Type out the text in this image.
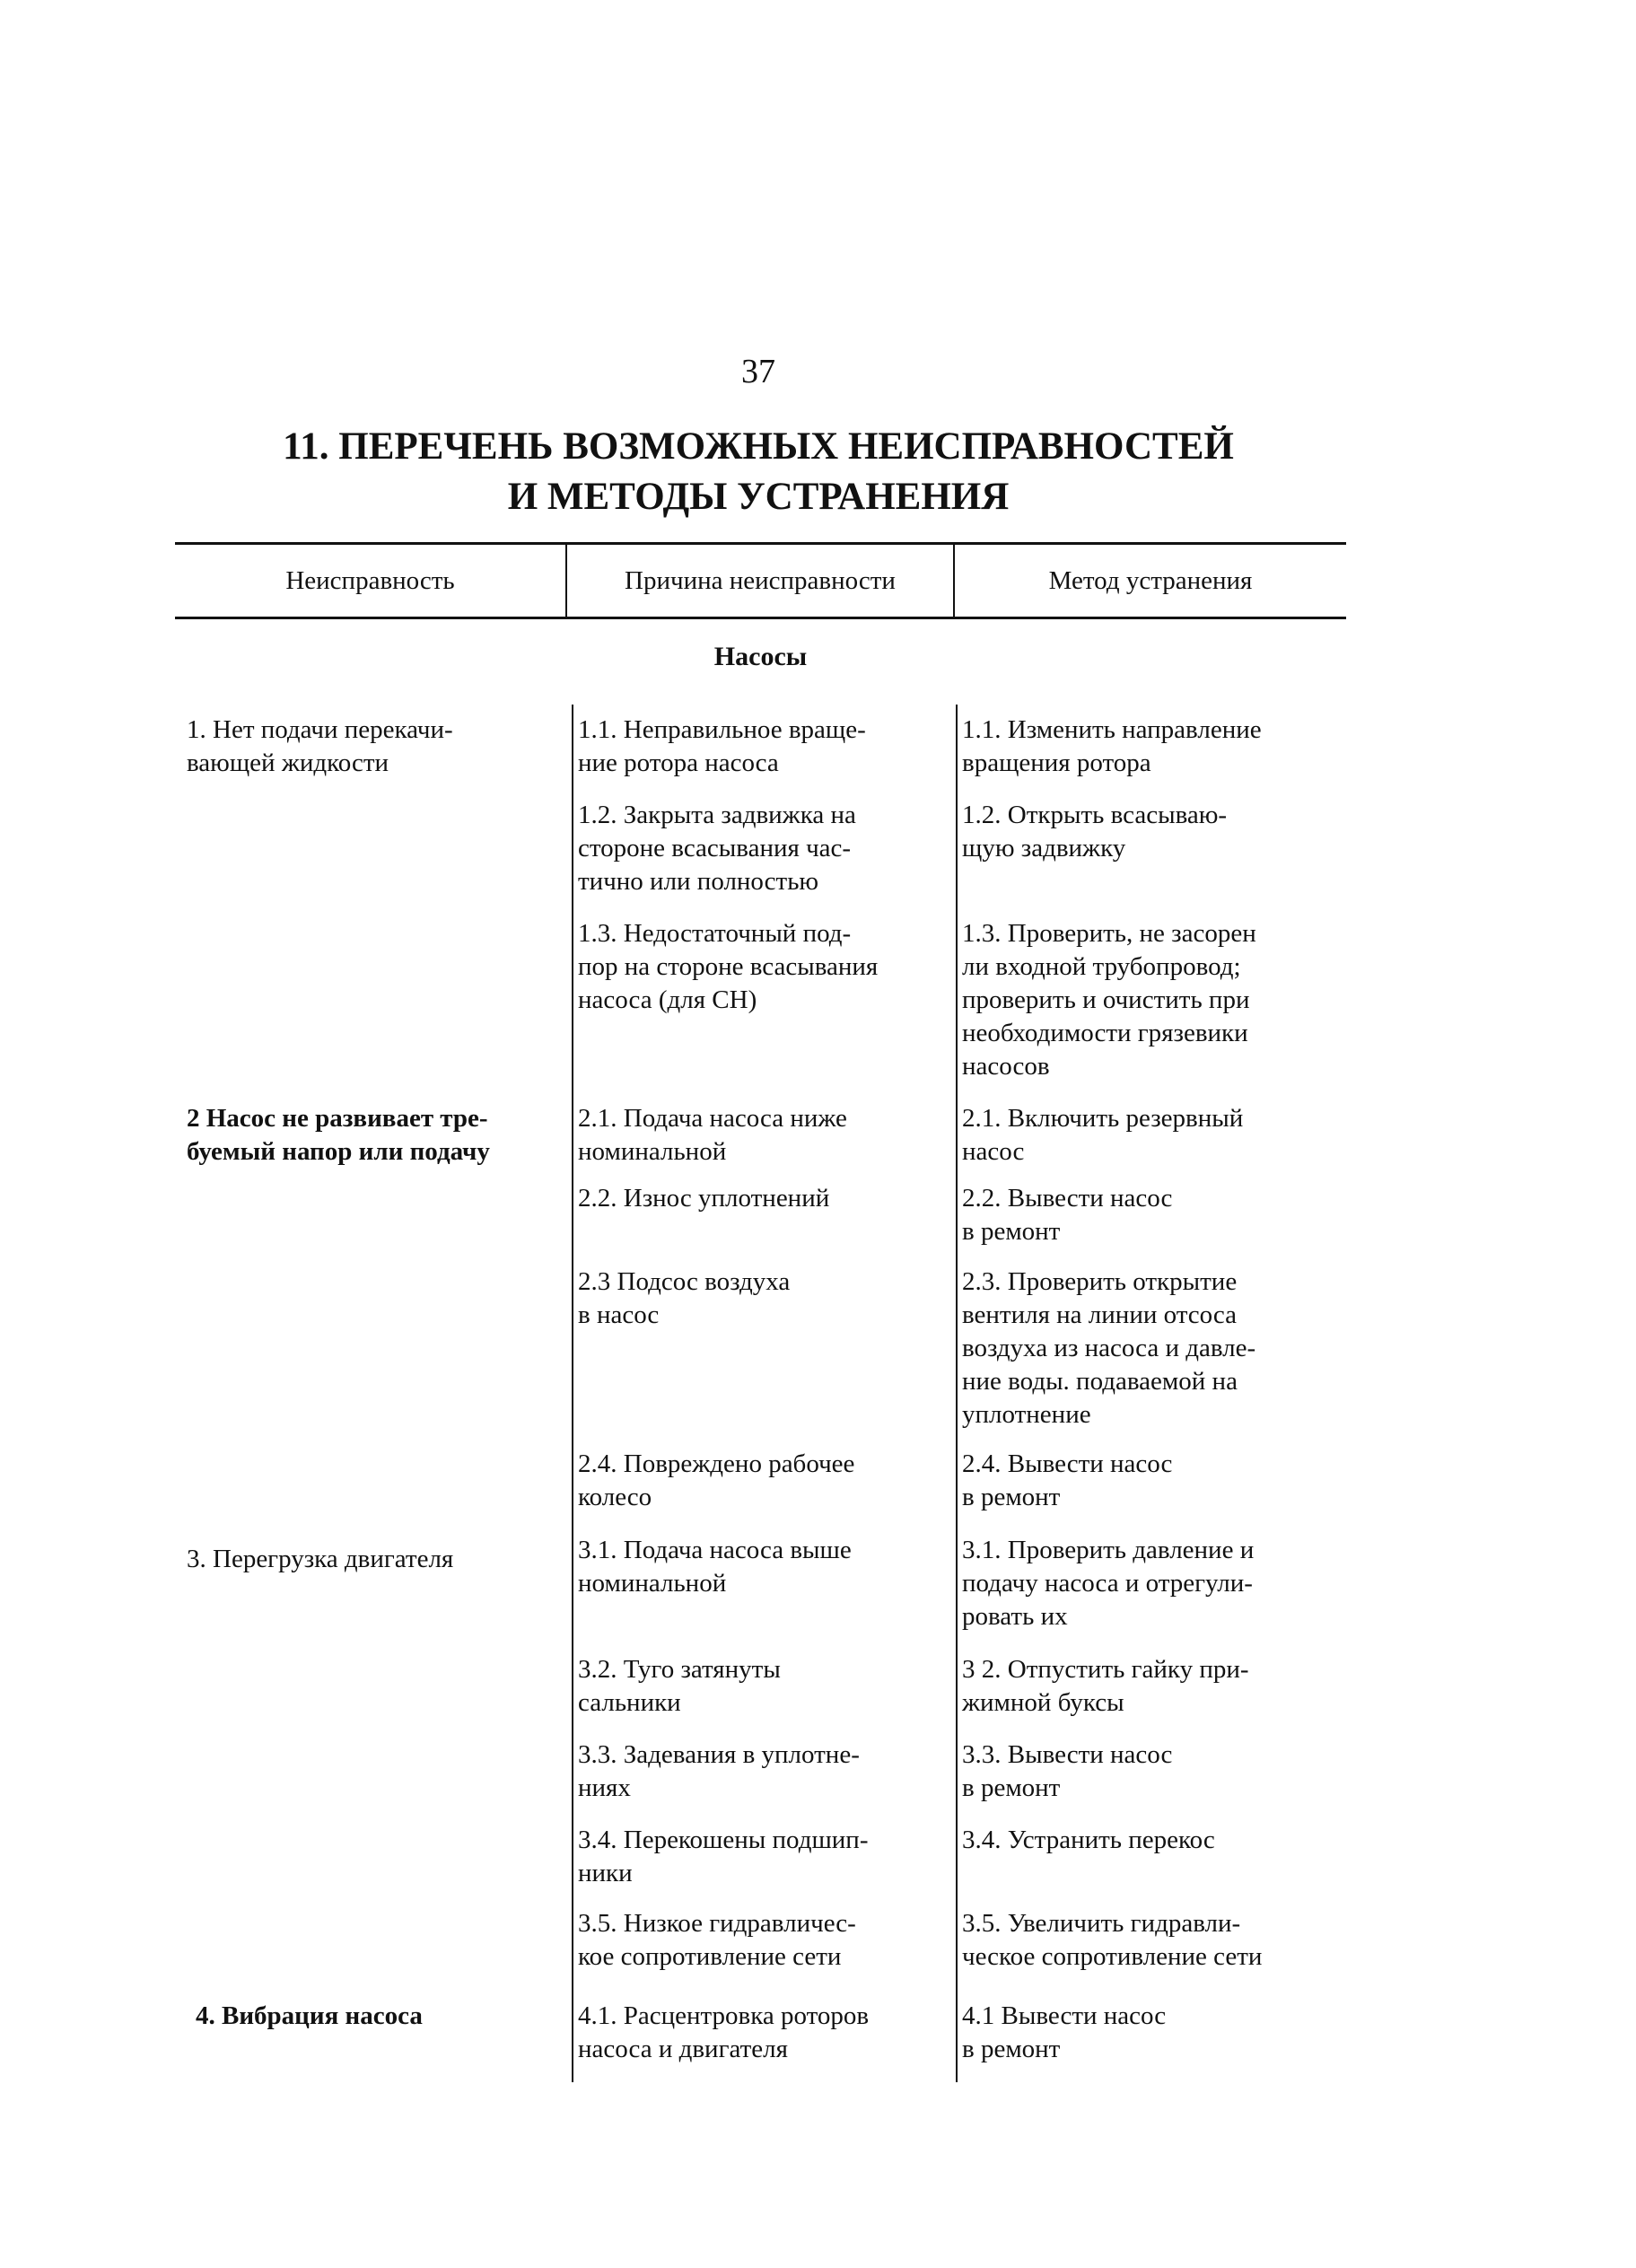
37
11. ПЕРЕЧЕНЬ ВОЗМОЖНЫХ НЕИСПРАВНОСТЕЙ
И МЕТОДЫ УСТРАНЕНИЯ
Неисправность	Причина неисправности	Метод устранения
Насосы
1. Нет подачи перекачи-
вающей жидкости
2 Насос не развивает тре-
буемый напор или подачу
3. Перегрузка двигателя
4. Вибрация насоса
1.1. Неправильное враще-
ние ротора насоса
1.2. Закрыта задвижка на
стороне всасывания час-
тично или полностью
1.3. Недостаточный под-
пор на стороне всасывания
насоса (для СН)
2.1. Подача насоса ниже
номинальной
2.2. Износ уплотнений
2.3 Подсос воздуха
в насос
2.4. Повреждено рабочее
колесо
3.1. Подача насоса выше
номинальной
3.2. Туго затянуты
сальники
3.3. Задевания в уплотне-
ниях
3.4. Перекошены подшип-
ники
3.5. Низкое гидравличес-
кое сопротивление сети
4.1. Расцентровка роторов
насоса и двигателя
1.1. Изменить направление
вращения ротора
1.2. Открыть всасываю-
щую задвижку
1.3. Проверить, не засорен
ли входной трубопровод;
проверить и очистить при
необходимости грязевики
насосов
2.1. Включить резервный
насос
2.2. Вывести насос
в ремонт
2.3. Проверить открытие
вентиля на линии отсоса
воздуха из насоса и давле-
ние воды. подаваемой на
уплотнение
2.4. Вывести насос
в ремонт
3.1. Проверить давление и
подачу насоса и отрегули-
ровать их
3 2. Отпустить гайку при-
жимной буксы
3.3. Вывести насос
в ремонт
3.4. Устранить перекос
3.5. Увеличить гидравли-
ческое сопротивление сети
4.1 Вывести насос
в ремонт
